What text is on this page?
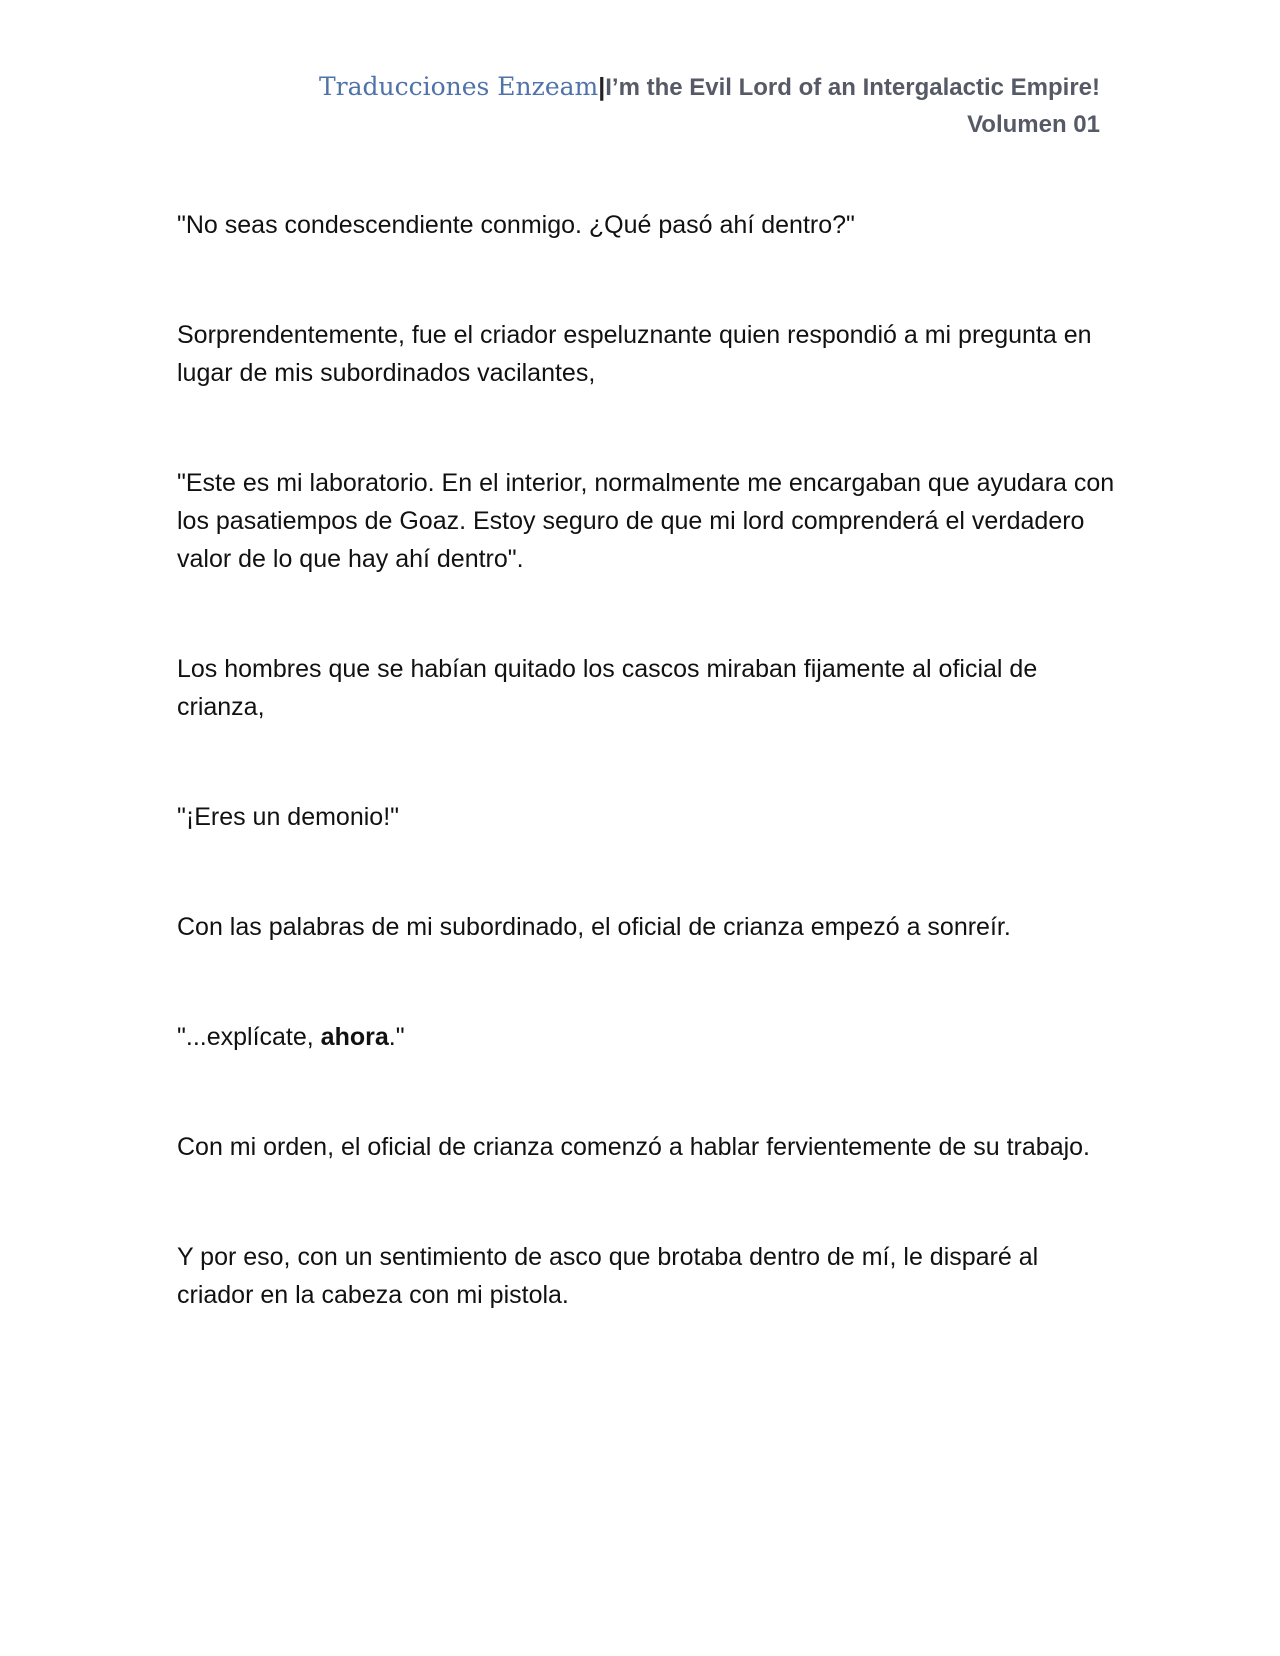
Traducciones Enzeam|I’m the Evil Lord of an Intergalactic Empire!
Volumen 01

"No seas condescendiente conmigo. ¿Qué pasó ahí dentro?"

Sorprendentemente, fue el criador espeluznante quien respondió a mi pregunta en lugar de mis subordinados vacilantes,

"Este es mi laboratorio. En el interior, normalmente me encargaban que ayudara con los pasatiempos de Goaz. Estoy seguro de que mi lord comprenderá el verdadero valor de lo que hay ahí dentro".

Los hombres que se habían quitado los cascos miraban fijamente al oficial de crianza,

"¡Eres un demonio!"

Con las palabras de mi subordinado, el oficial de crianza empezó a sonreír.

"...explícate, ahora."

Con mi orden, el oficial de crianza comenzó a hablar fervientemente de su trabajo.

Y por eso, con un sentimiento de asco que brotaba dentro de mí, le disparé al criador en la cabeza con mi pistola.
